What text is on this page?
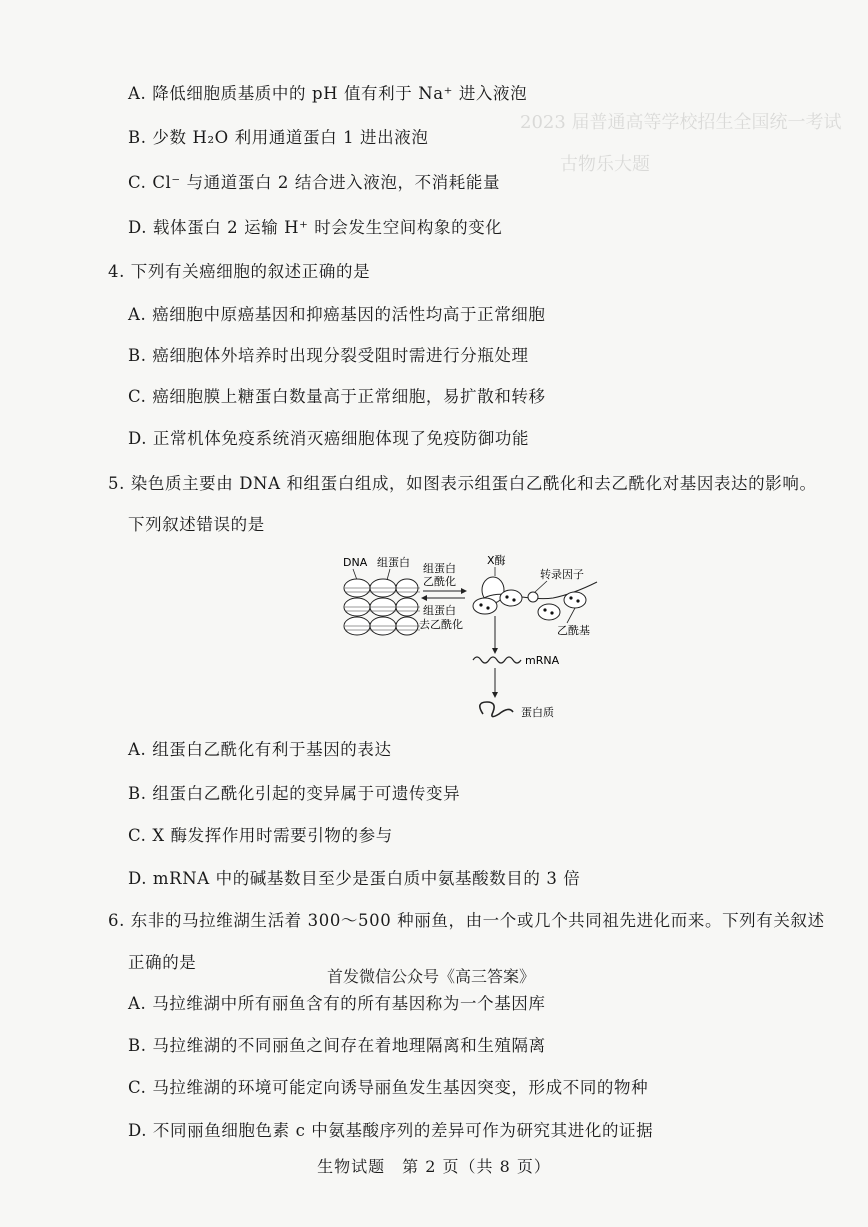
2023 届普通高等学校招生全国统一考试
古物乐大题
A. 降低细胞质基质中的 pH 值有利于 Na⁺ 进入液泡
B. 少数 H₂O 利用通道蛋白 1 进出液泡
C. Cl⁻ 与通道蛋白 2 结合进入液泡，不消耗能量
D. 载体蛋白 2 运输 H⁺ 时会发生空间构象的变化
4. 下列有关癌细胞的叙述正确的是
A. 癌细胞中原癌基因和抑癌基因的活性均高于正常细胞
B. 癌细胞体外培养时出现分裂受阻时需进行分瓶处理
C. 癌细胞膜上糖蛋白数量高于正常细胞，易扩散和转移
D. 正常机体免疫系统消灭癌细胞体现了免疫防御功能
5. 染色质主要由 DNA 和组蛋白组成，如图表示组蛋白乙酰化和去乙酰化对基因表达的影响。
下列叙述错误的是
DNA 组蛋白 组蛋白
乙酰化
组蛋白
去乙酰化
X酶
转录因子
乙酰基
mRNA
蛋白质
A. 组蛋白乙酰化有利于基因的表达
B. 组蛋白乙酰化引起的变异属于可遗传变异
C. X 酶发挥作用时需要引物的参与
D. mRNA 中的碱基数目至少是蛋白质中氨基酸数目的 3 倍
6. 东非的马拉维湖生活着 300～500 种丽鱼，由一个或几个共同祖先进化而来。下列有关叙述
正确的是
首发微信公众号《高三答案》
A. 马拉维湖中所有丽鱼含有的所有基因称为一个基因库
B. 马拉维湖的不同丽鱼之间存在着地理隔离和生殖隔离
C. 马拉维湖的环境可能定向诱导丽鱼发生基因突变，形成不同的物种
D. 不同丽鱼细胞色素 c 中氨基酸序列的差异可作为研究其进化的证据
生物试题　第 2 页（共 8 页）
